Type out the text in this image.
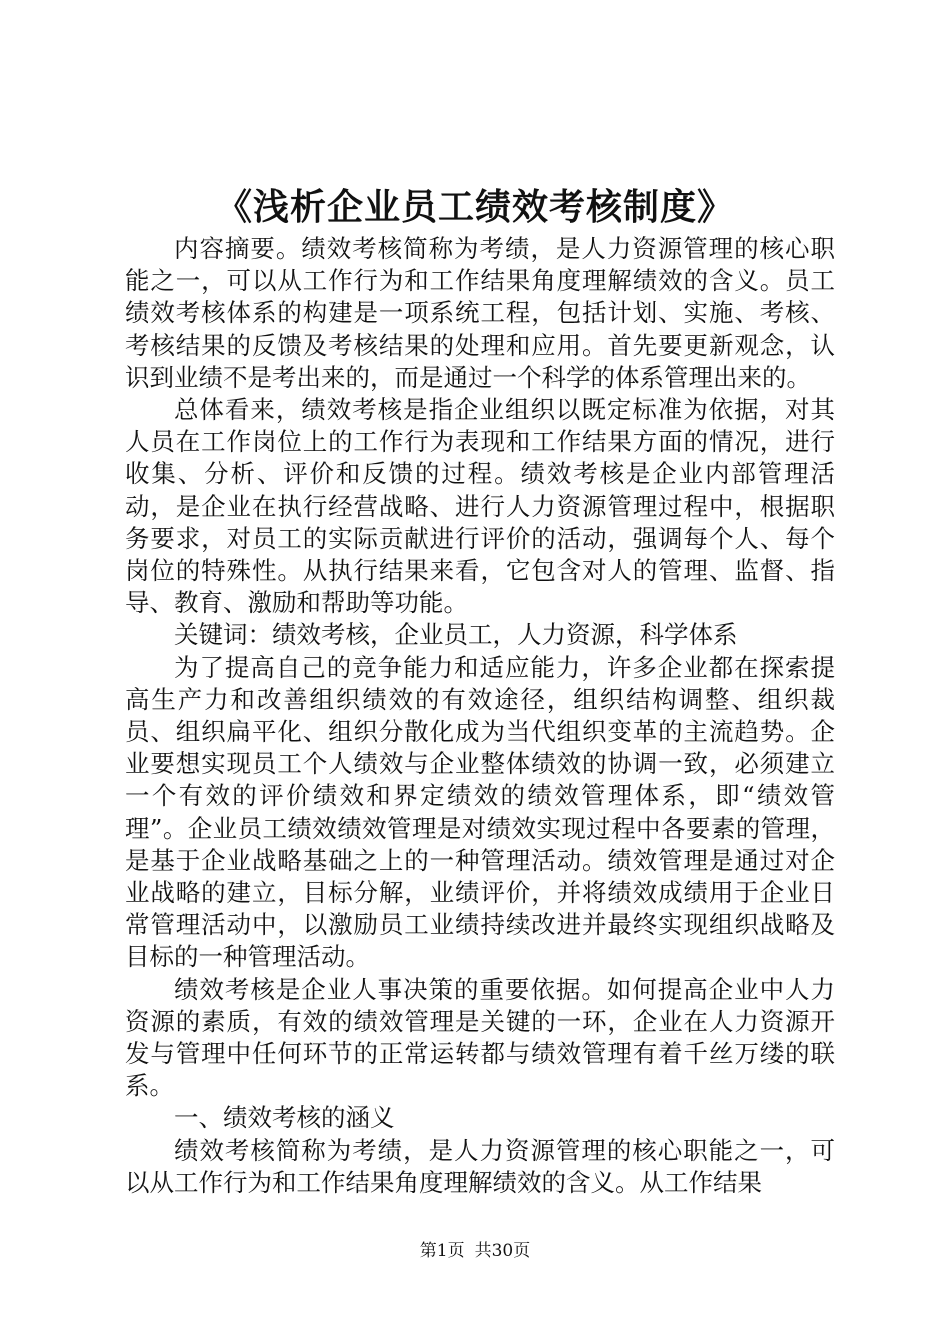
《浅析企业员工绩效考核制度》

内容摘要。绩效考核简称为考绩，是人力资源管理的核心职能之一，可以从工作行为和工作结果角度理解绩效的含义。员工绩效考核体系的构建是一项系统工程，包括计划、实施、考核、考核结果的反馈及考核结果的处理和应用。首先要更新观念，认识到业绩不是考出来的，而是通过一个科学的体系管理出来的。

总体看来，绩效考核是指企业组织以既定标准为依据，对其人员在工作岗位上的工作行为表现和工作结果方面的情况，进行收集、分析、评价和反馈的过程。绩效考核是企业内部管理活动，是企业在执行经营战略、进行人力资源管理过程中，根据职务要求，对员工的实际贡献进行评价的活动，强调每个人、每个岗位的特殊性。从执行结果来看，它包含对人的管理、监督、指导、教育、激励和帮助等功能。

关键词：绩效考核，企业员工，人力资源，科学体系

为了提高自己的竞争能力和适应能力，许多企业都在探索提高生产力和改善组织绩效的有效途径，组织结构调整、组织裁员、组织扁平化、组织分散化成为当代组织变革的主流趋势。企业要想实现员工个人绩效与企业整体绩效的协调一致，必须建立一个有效的评价绩效和界定绩效的绩效管理体系，即“绩效管理”。企业员工绩效绩效管理是对绩效实现过程中各要素的管理，是基于企业战略基础之上的一种管理活动。绩效管理是通过对企业战略的建立，目标分解，业绩评价，并将绩效成绩用于企业日常管理活动中，以激励员工业绩持续改进并最终实现组织战略及目标的一种管理活动。

绩效考核是企业人事决策的重要依据。如何提高企业中人力资源的素质，有效的绩效管理是关键的一环，企业在人力资源开发与管理中任何环节的正常运转都与绩效管理有着千丝万缕的联系。

一、绩效考核的涵义

绩效考核简称为考绩，是人力资源管理的核心职能之一，可以从工作行为和工作结果角度理解绩效的含义。从工作结果

第1页 共30页
